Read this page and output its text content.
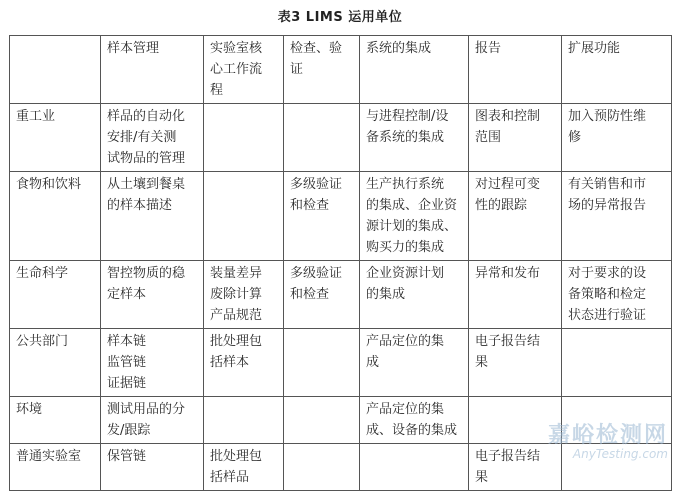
表3 LIMS 运用单位
	样本管理	实验室核
心工作流
程	检查、验
证	系统的集成	报告	扩展功能
重工业	样品的自动化
安排/有关测
试物品的管理			与进程控制/设
备系统的集成	图表和控制
范围	加入预防性维
修
食物和饮料	从土壤到餐桌
的样本描述		多级验证
和检查	生产执行系统
的集成、企业资
源计划的集成、
购买力的集成	对过程可变
性的跟踪	有关销售和市
场的异常报告
生命科学	智控物质的稳
定样本	装量差异
废除计算
产品规范	多级验证
和检查	企业资源计划
的集成	异常和发布	对于要求的设
备策略和检定
状态进行验证
公共部门	样本链
监管链
证据链	批处理包
括样本		产品定位的集
成	电子报告结
果	
环境	测试用品的分
发/跟踪			产品定位的集
成、设备的集成		
普通实验室	保管链	批处理包
括样品			电子报告结
果	
嘉峪检测网
AnyTesting.com
